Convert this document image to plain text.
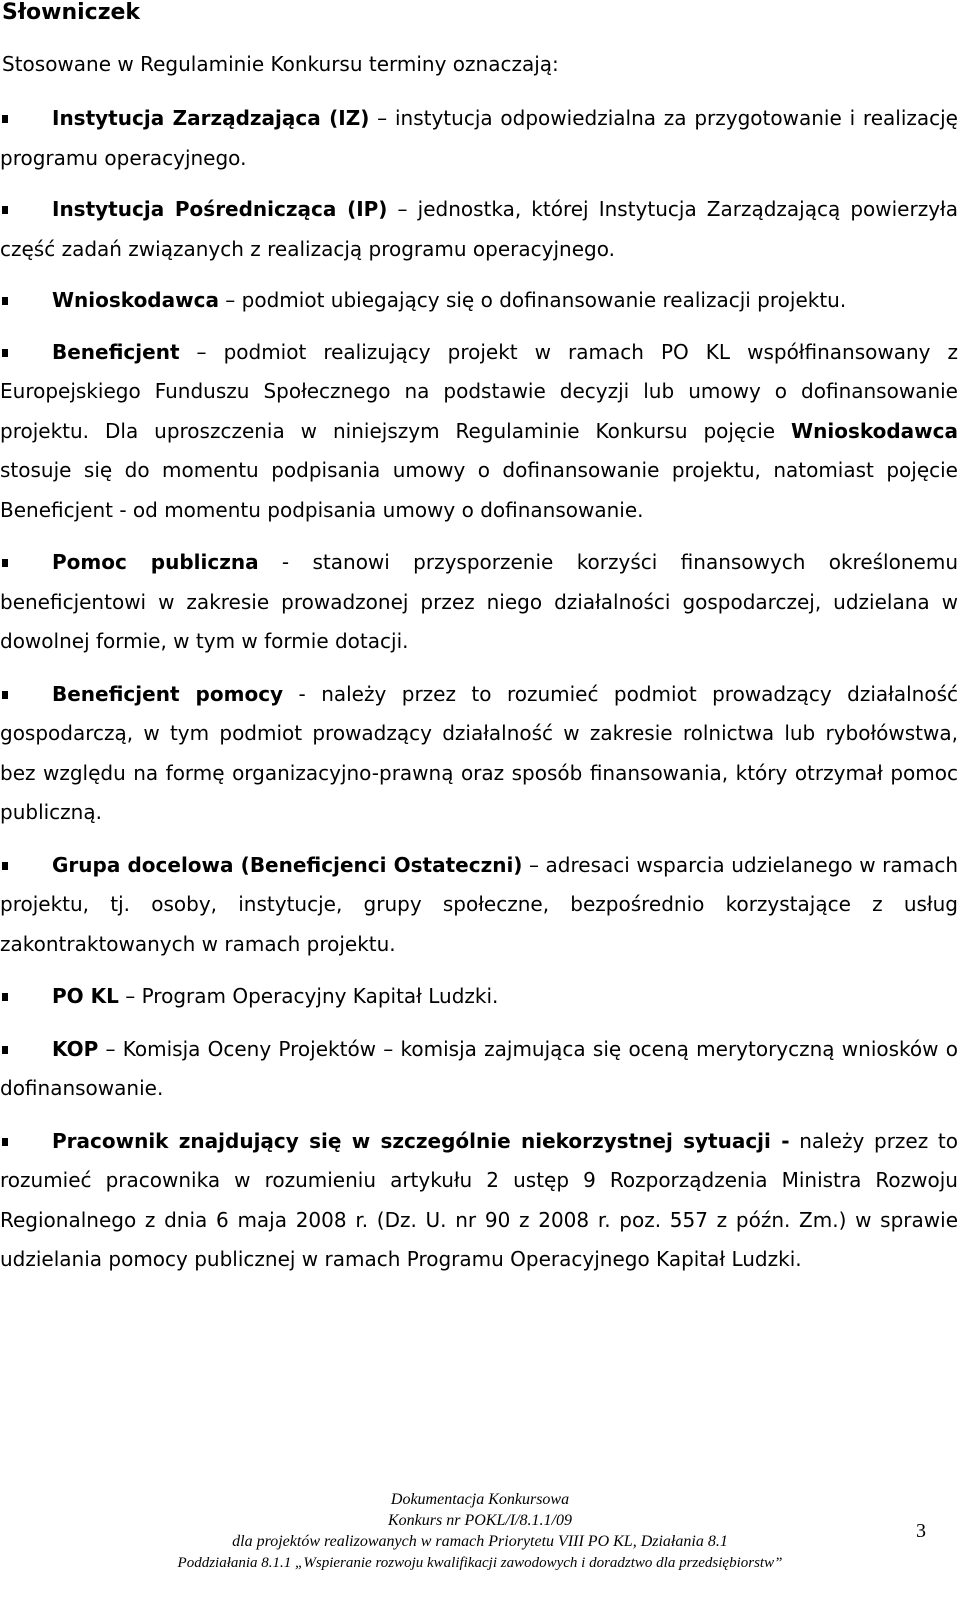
Słowniczek
Stosowane w Regulaminie Konkursu terminy oznaczają:

Instytucja Zarządzająca (IZ) – instytucja odpowiedzialna za przygotowanie i realizację programu operacyjnego.

Instytucja Pośrednicząca (IP) – jednostka, której Instytucja Zarządzającą powierzyła część zadań związanych z realizacją programu operacyjnego.

Wnioskodawca – podmiot ubiegający się o dofinansowanie realizacji projektu.

Beneficjent – podmiot realizujący projekt w ramach PO KL współfinansowany z Europejskiego Funduszu Społecznego na podstawie decyzji lub umowy o dofinansowanie projektu. Dla uproszczenia w niniejszym Regulaminie Konkursu pojęcie Wnioskodawca stosuje się do momentu podpisania umowy o dofinansowanie projektu, natomiast pojęcie Beneficjent - od momentu podpisania umowy o dofinansowanie.

Pomoc publiczna - stanowi przysporzenie korzyści finansowych określonemu beneficjentowi w zakresie prowadzonej przez niego działalności gospodarczej, udzielana w dowolnej formie, w tym w formie dotacji.

Beneficjent pomocy - należy przez to rozumieć podmiot prowadzący działalność gospodarczą, w tym podmiot prowadzący działalność w zakresie rolnictwa lub rybołówstwa, bez względu na formę organizacyjno-prawną oraz sposób finansowania, który otrzymał pomoc publiczną.

Grupa docelowa (Beneficjenci Ostateczni) – adresaci wsparcia udzielanego w ramach projektu, tj. osoby, instytucje, grupy społeczne, bezpośrednio korzystające z usług zakontraktowanych w ramach projektu.

PO KL – Program Operacyjny Kapitał Ludzki.

KOP – Komisja Oceny Projektów – komisja zajmująca się oceną merytoryczną wniosków o dofinansowanie.

Pracownik znajdujący się w szczególnie niekorzystnej sytuacji - należy przez to rozumieć pracownika w rozumieniu artykułu 2 ustęp 9 Rozporządzenia Ministra Rozwoju Regionalnego z dnia 6 maja 2008 r. (Dz. U. nr 90 z 2008 r. poz. 557 z późn. Zm.) w sprawie udzielania pomocy publicznej w ramach Programu Operacyjnego Kapitał Ludzki.

3
Dokumentacja Konkursowa
Konkurs nr POKL/I/8.1.1/09
dla projektów realizowanych w ramach Priorytetu VIII PO KL, Działania 8.1
Poddziałania 8.1.1 „Wspieranie rozwoju kwalifikacji zawodowych i doradztwo dla przedsiębiorstw”
